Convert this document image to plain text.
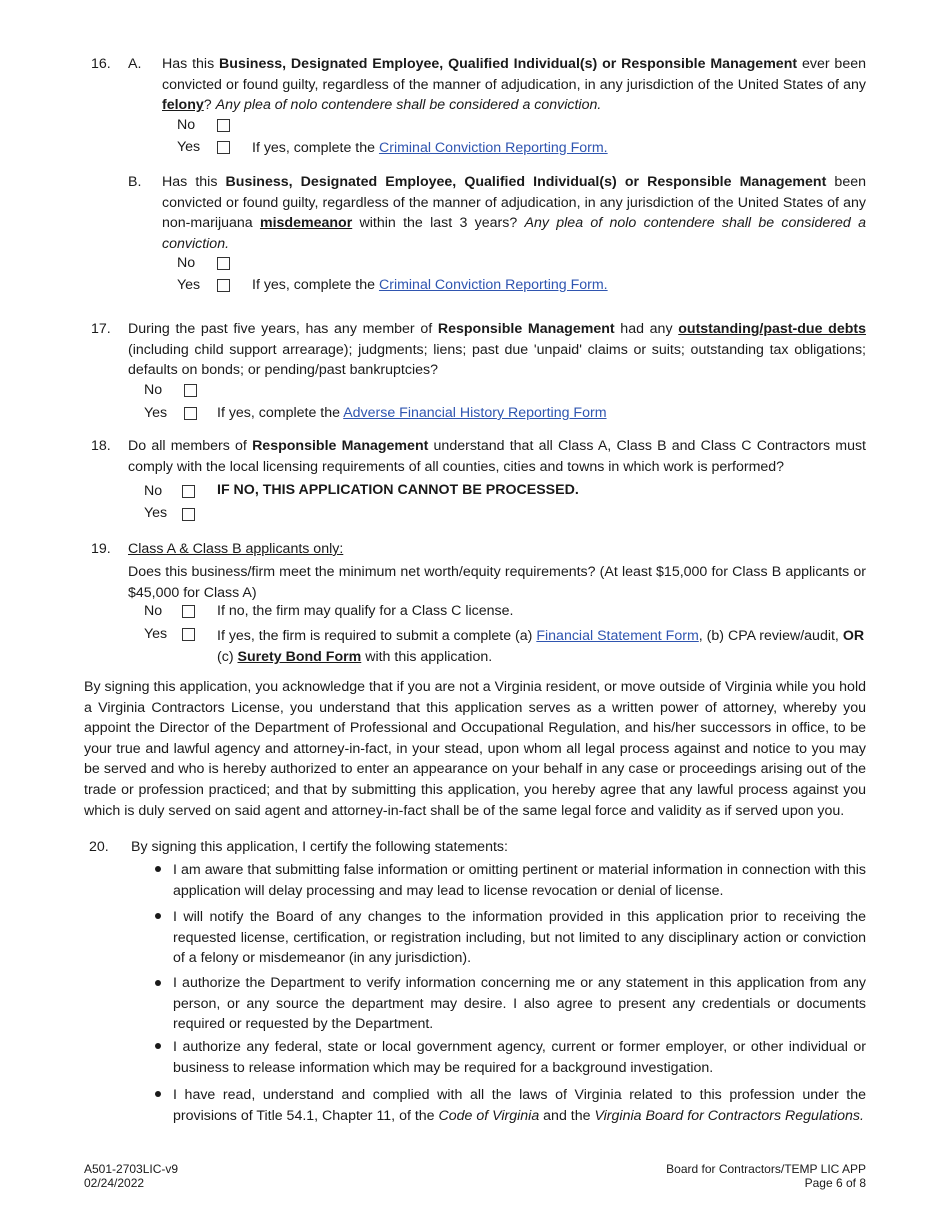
16. A. Has this Business, Designated Employee, Qualified Individual(s) or Responsible Management ever been convicted or found guilty, regardless of the manner of adjudication, in any jurisdiction of the United States of any felony? Any plea of nolo contendere shall be considered a conviction.
No
Yes	If yes, complete the Criminal Conviction Reporting Form.
B. Has this Business, Designated Employee, Qualified Individual(s) or Responsible Management been convicted or found guilty, regardless of the manner of adjudication, in any jurisdiction of the United States of any non-marijuana misdemeanor within the last 3 years? Any plea of nolo contendere shall be considered a conviction.
No
Yes	If yes, complete the Criminal Conviction Reporting Form.
17. During the past five years, has any member of Responsible Management had any outstanding/past-due debts (including child support arrearage); judgments; liens; past due 'unpaid' claims or suits; outstanding tax obligations; defaults on bonds; or pending/past bankruptcies?
No
Yes	If yes, complete the Adverse Financial History Reporting Form
18. Do all members of Responsible Management understand that all Class A, Class B and Class C Contractors must comply with the local licensing requirements of all counties, cities and towns in which work is performed?
No	IF NO, THIS APPLICATION CANNOT BE PROCESSED.
Yes
19. Class A & Class B applicants only:
Does this business/firm meet the minimum net worth/equity requirements? (At least $15,000 for Class B applicants or $45,000 for Class A)
No	If no, the firm may qualify for a Class C license.
Yes	If yes, the firm is required to submit a complete (a) Financial Statement Form, (b) CPA review/audit, OR
(c) Surety Bond Form with this application.
By signing this application, you acknowledge that if you are not a Virginia resident, or move outside of Virginia while you hold a Virginia Contractors License, you understand that this application serves as a written power of attorney, whereby you appoint the Director of the Department of Professional and Occupational Regulation, and his/her successors in office, to be your true and lawful agency and attorney-in-fact, in your stead, upon whom all legal process against and notice to you may be served and who is hereby authorized to enter an appearance on your behalf in any case or proceedings arising out of the trade or profession practiced; and that by submitting this application, you hereby agree that any lawful process against you which is duly served on said agent and attorney-in-fact shall be of the same legal force and validity as if served upon you.
20. By signing this application, I certify the following statements:
I am aware that submitting false information or omitting pertinent or material information in connection with this application will delay processing and may lead to license revocation or denial of license.
I will notify the Board of any changes to the information provided in this application prior to receiving the requested license, certification, or registration including, but not limited to any disciplinary action or conviction of a felony or misdemeanor (in any jurisdiction).
I authorize the Department to verify information concerning me or any statement in this application from any person, or any source the department may desire. I also agree to present any credentials or documents required or requested by the Department.
I authorize any federal, state or local government agency, current or former employer, or other individual or business to release information which may be required for a background investigation.
I have read, understand and complied with all the laws of Virginia related to this profession under the provisions of Title 54.1, Chapter 11, of the Code of Virginia and the Virginia Board for Contractors Regulations.
A501-2703LIC-v9
02/24/2022
Board for Contractors/TEMP LIC APP
Page 6 of 8
